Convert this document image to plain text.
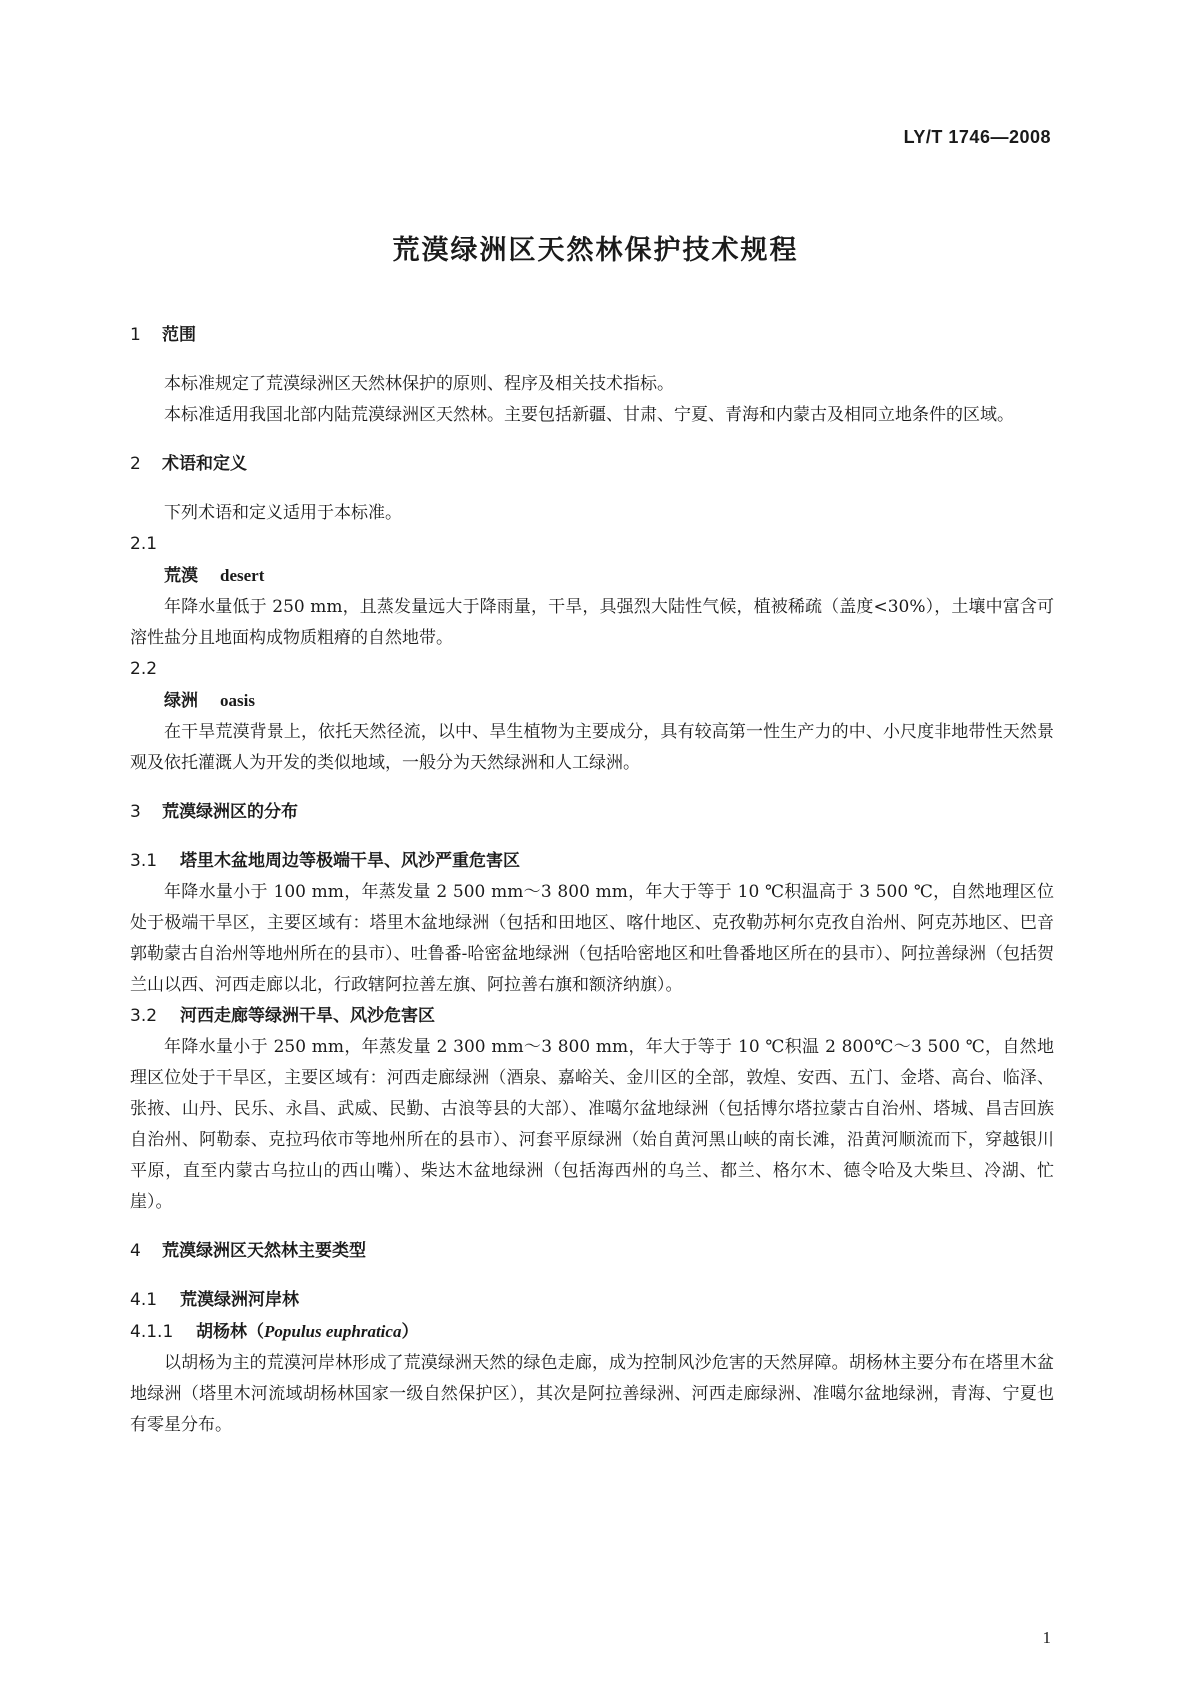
LY/T 1746—2008
荒漠绿洲区天然林保护技术规程

1 范围

本标准规定了荒漠绿洲区天然林保护的原则、程序及相关技术指标。

本标准适用我国北部内陆荒漠绿洲区天然林。主要包括新疆、甘肃、宁夏、青海和内蒙古及相同立地条件的区域。

2 术语和定义

下列术语和定义适用于本标准。

2.1

荒漠 desert

年降水量低于 250 mm，且蒸发量远大于降雨量，干旱，具强烈大陆性气候，植被稀疏（盖度<30%），土壤中富含可溶性盐分且地面构成物质粗瘠的自然地带。

2.2

绿洲 oasis

在干旱荒漠背景上，依托天然径流，以中、旱生植物为主要成分，具有较高第一性生产力的中、小尺度非地带性天然景观及依托灌溉人为开发的类似地域，一般分为天然绿洲和人工绿洲。

3 荒漠绿洲区的分布

3.1 塔里木盆地周边等极端干旱、风沙严重危害区

年降水量小于 100 mm，年蒸发量 2 500 mm～3 800 mm，年大于等于 10 ℃积温高于 3 500 ℃，自然地理区位处于极端干旱区，主要区域有：塔里木盆地绿洲（包括和田地区、喀什地区、克孜勒苏柯尔克孜自治州、阿克苏地区、巴音郭勒蒙古自治州等地州所在的县市）、吐鲁番-哈密盆地绿洲（包括哈密地区和吐鲁番地区所在的县市）、阿拉善绿洲（包括贺兰山以西、河西走廊以北，行政辖阿拉善左旗、阿拉善右旗和额济纳旗）。

3.2 河西走廊等绿洲干旱、风沙危害区

年降水量小于 250 mm，年蒸发量 2 300 mm～3 800 mm，年大于等于 10 ℃积温 2 800℃～3 500 ℃，自然地理区位处于干旱区，主要区域有：河西走廊绿洲（酒泉、嘉峪关、金川区的全部，敦煌、安西、五门、金塔、高台、临泽、张掖、山丹、民乐、永昌、武威、民勤、古浪等县的大部）、准噶尔盆地绿洲（包括博尔塔拉蒙古自治州、塔城、昌吉回族自治州、阿勒泰、克拉玛依市等地州所在的县市）、河套平原绿洲（始自黄河黑山峡的南长滩，沿黄河顺流而下，穿越银川平原，直至内蒙古乌拉山的西山嘴）、柴达木盆地绿洲（包括海西州的乌兰、都兰、格尔木、德令哈及大柴旦、冷湖、忙崖）。

4 荒漠绿洲区天然林主要类型

4.1 荒漠绿洲河岸林

4.1.1 胡杨林（Populus euphratica）

以胡杨为主的荒漠河岸林形成了荒漠绿洲天然的绿色走廊，成为控制风沙危害的天然屏障。胡杨林主要分布在塔里木盆地绿洲（塔里木河流域胡杨林国家一级自然保护区），其次是阿拉善绿洲、河西走廊绿洲、准噶尔盆地绿洲，青海、宁夏也有零星分布。

1
